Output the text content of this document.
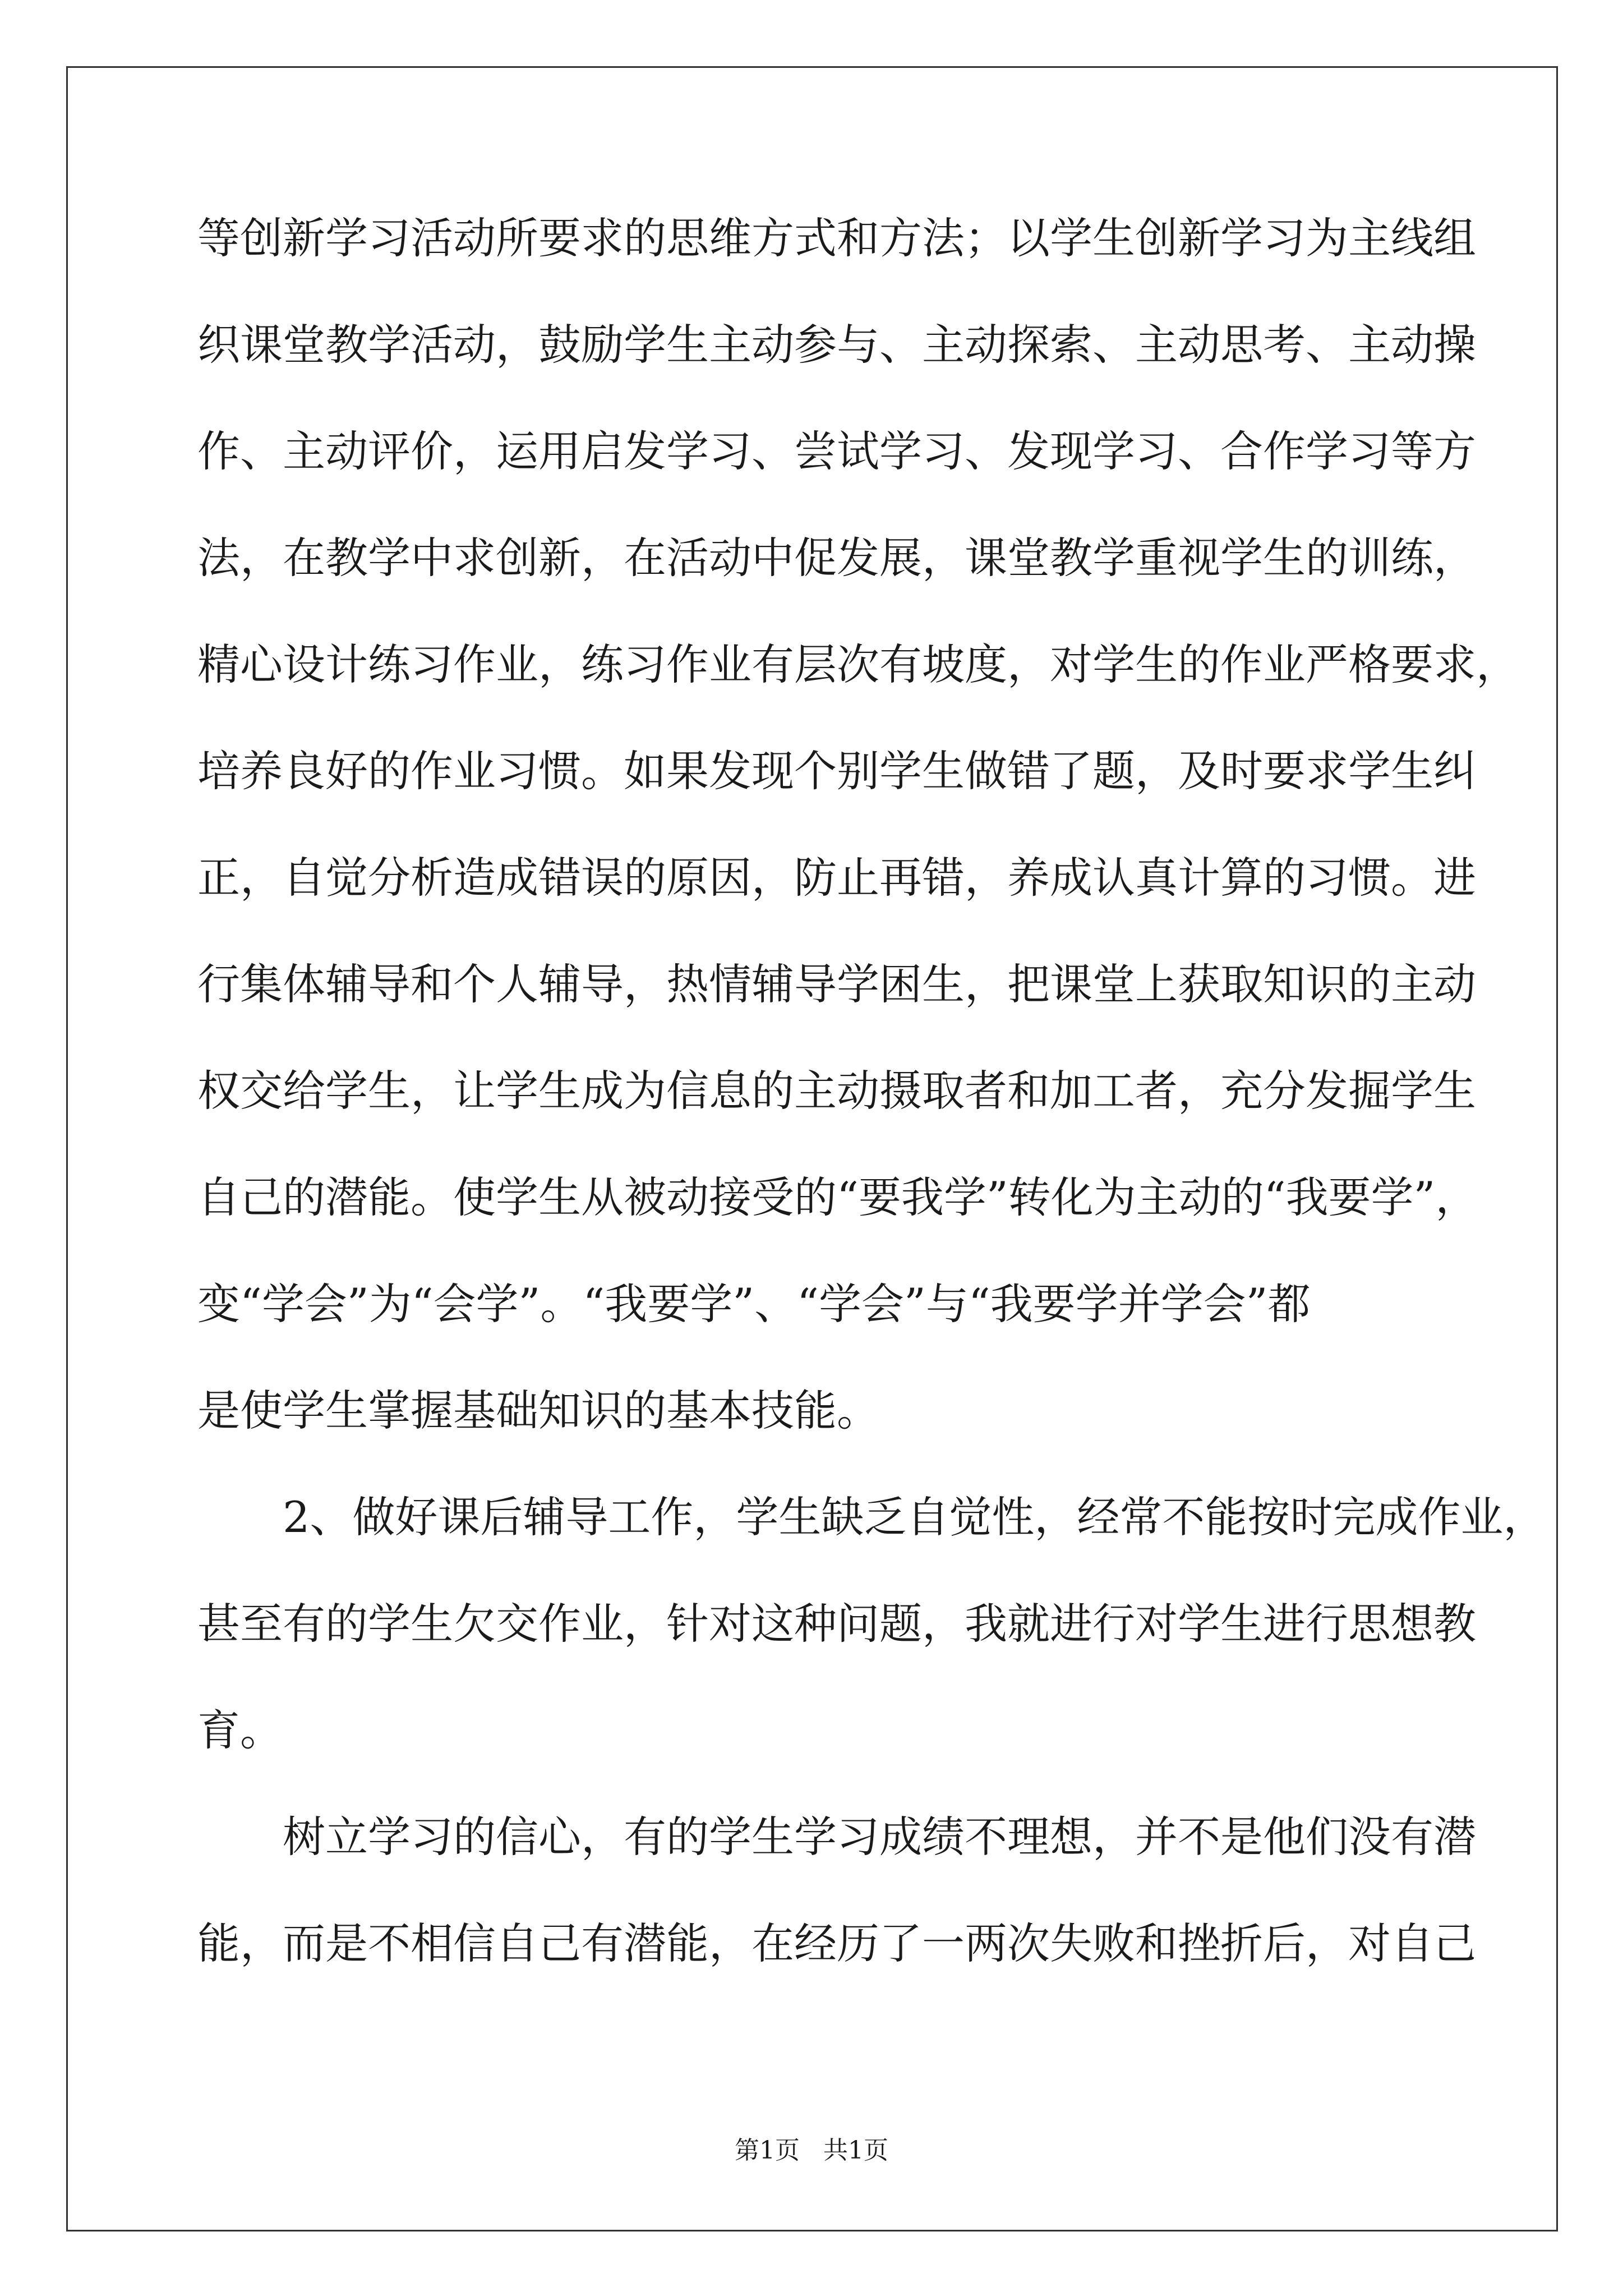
等创新学习活动所要求的思维方式和方法；以学生创新学习为主线组
织课堂教学活动，鼓励学生主动参与、主动探索、主动思考、主动操
作、主动评价，运用启发学习、尝试学习、发现学习、合作学习等方
法，在教学中求创新，在活动中促发展，课堂教学重视学生的训练，
精心设计练习作业，练习作业有层次有坡度，对学生的作业严格要求，
培养良好的作业习惯。如果发现个别学生做错了题，及时要求学生纠
正，自觉分析造成错误的原因，防止再错，养成认真计算的习惯。进
行集体辅导和个人辅导，热情辅导学困生，把课堂上获取知识的主动
权交给学生，让学生成为信息的主动摄取者和加工者，充分发掘学生
自己的潜能。使学生从被动接受的“要我学”转化为主动的“我要学”，
变“学会”为“会学”。“我要学”、“学会”与“我要学并学会”都
是使学生掌握基础知识的基本技能。
2、做好课后辅导工作，学生缺乏自觉性，经常不能按时完成作业，
甚至有的学生欠交作业，针对这种问题，我就进行对学生进行思想教
育。
树立学习的信心，有的学生学习成绩不理想，并不是他们没有潜
能，而是不相信自己有潜能，在经历了一两次失败和挫折后，对自己
第1页 共1页
